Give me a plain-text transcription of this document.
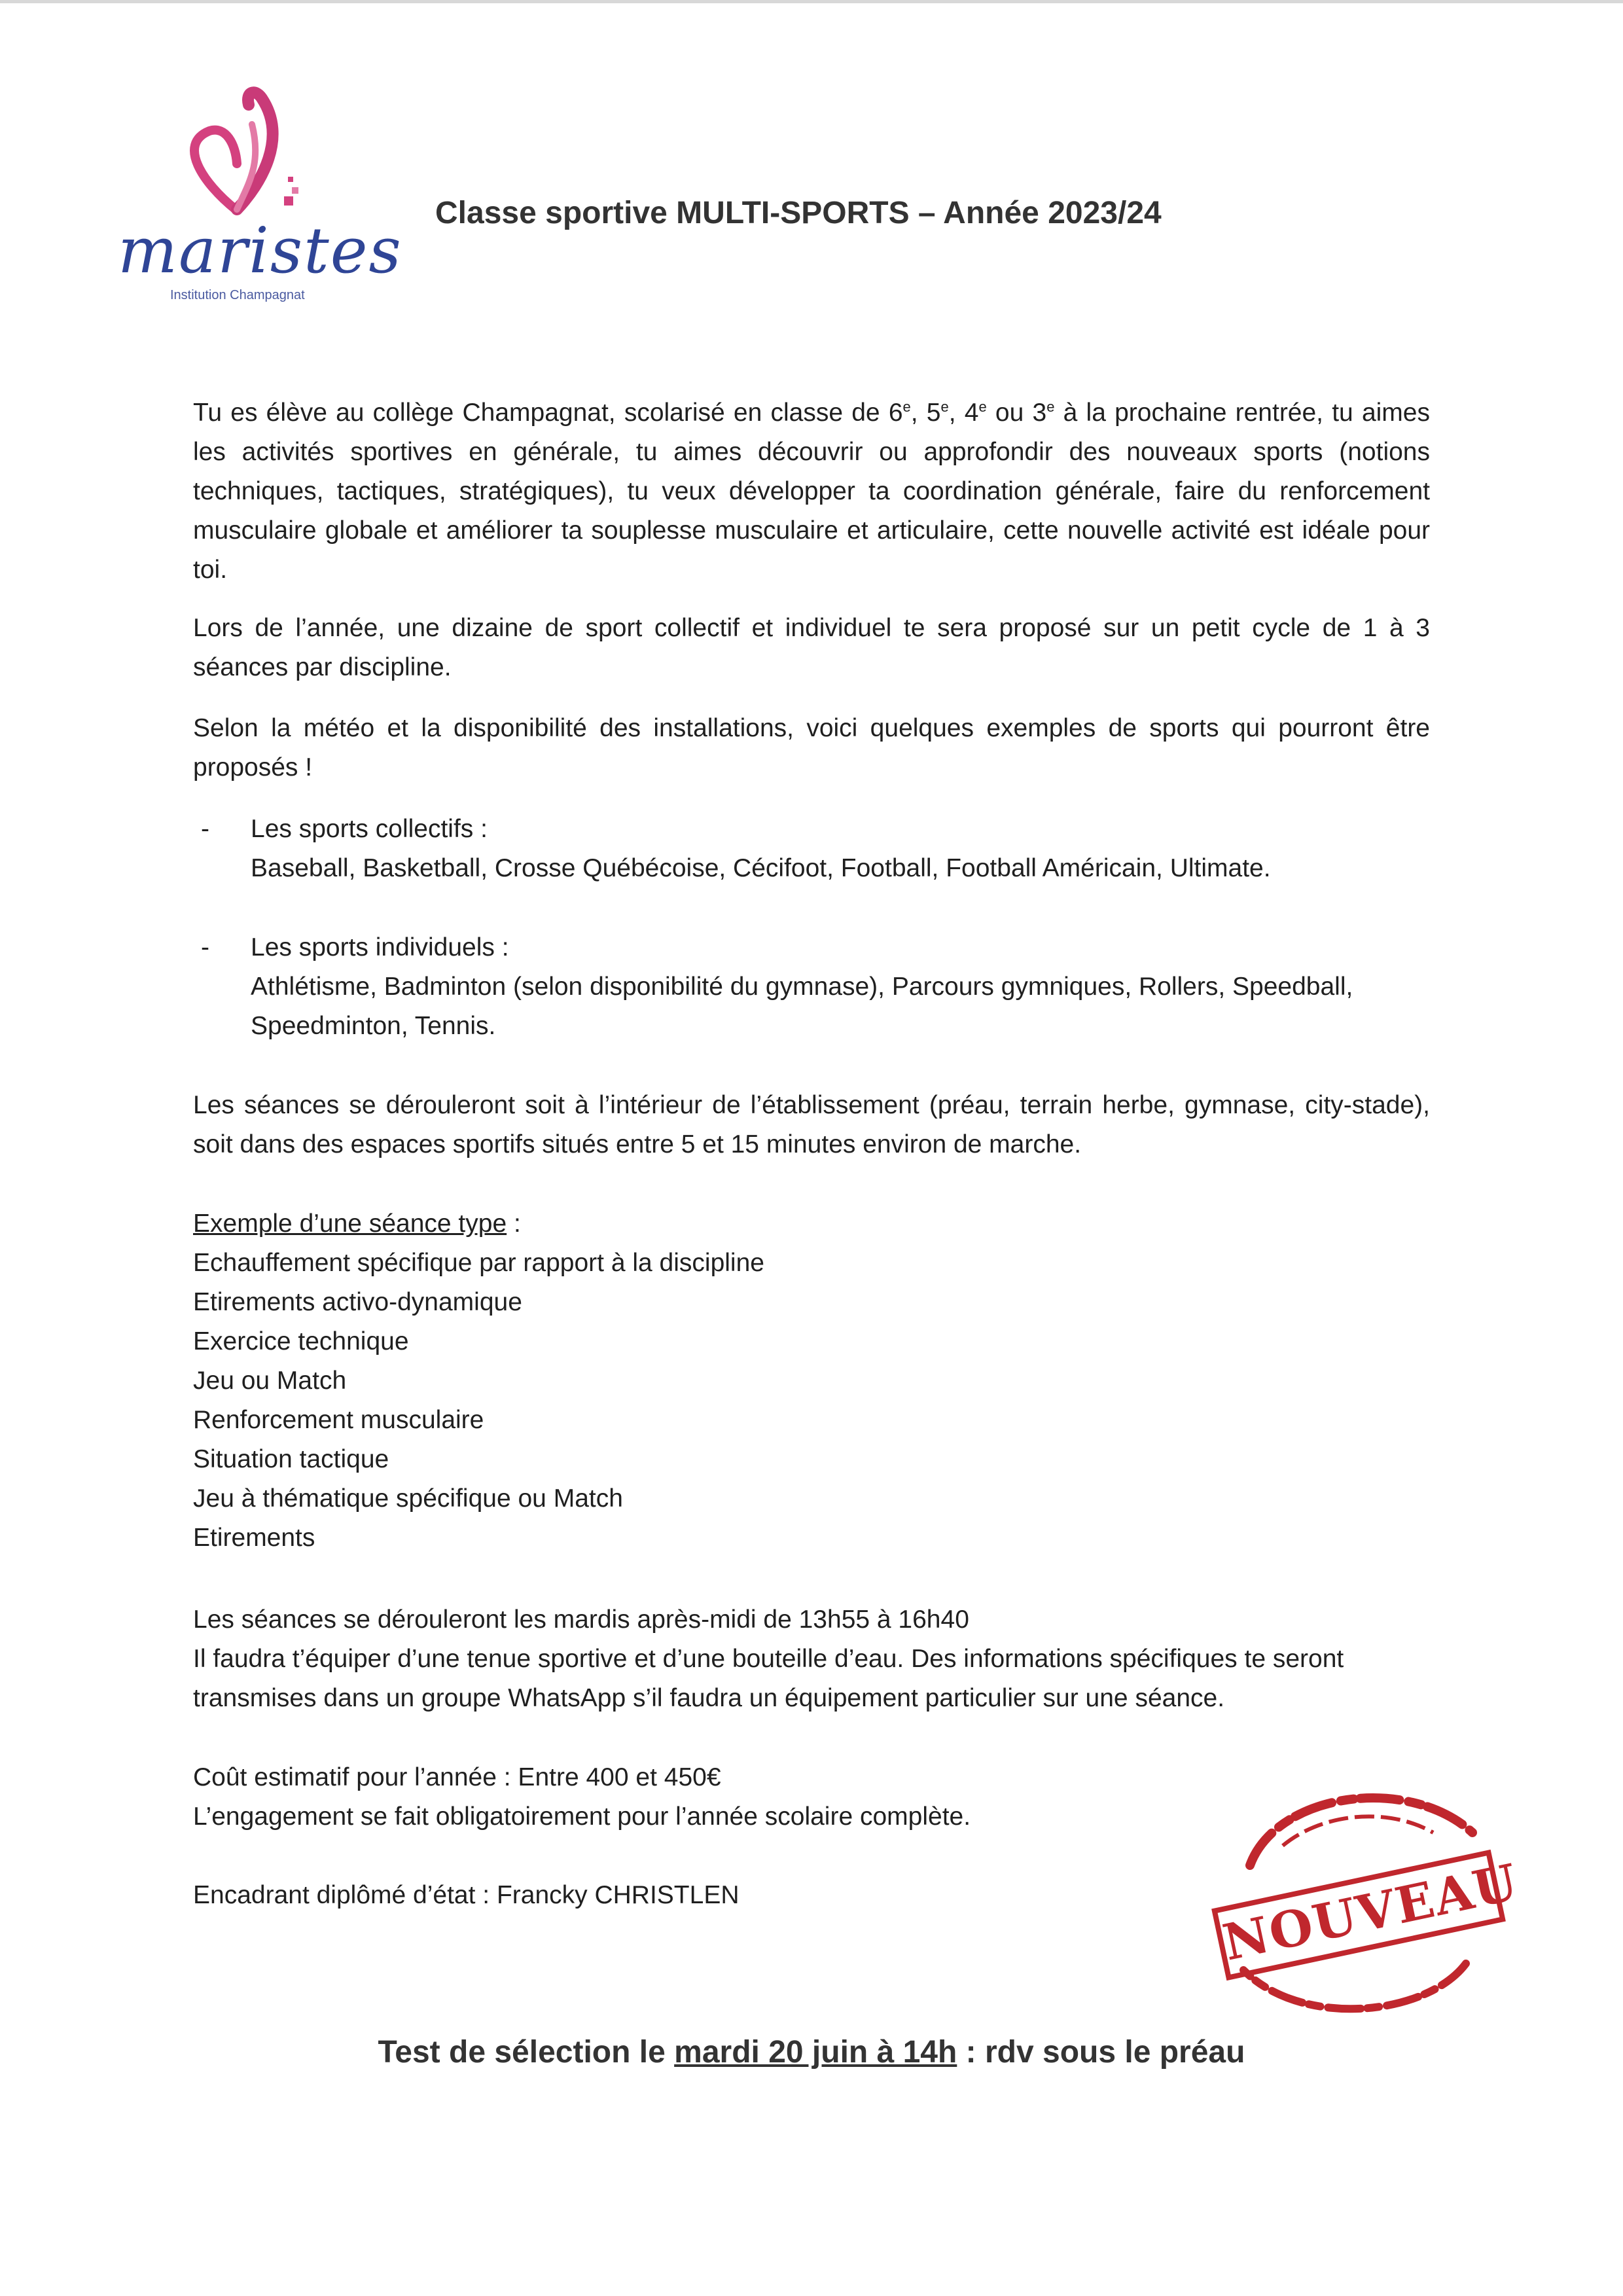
maristes
Institution Champagnat
Classe sportive MULTI-SPORTS – Année 2023/24

Tu es élève au collège Champagnat, scolarisé en classe de 6e, 5e, 4e ou 3e à la prochaine rentrée, tu aimes les activités sportives en générale, tu aimes découvrir ou approfondir des nouveaux sports (notions techniques, tactiques, stratégiques), tu veux développer ta coordination générale, faire du renforcement musculaire globale et améliorer ta souplesse musculaire et articulaire, cette nouvelle activité est idéale pour toi.

Lors de l’année, une dizaine de sport collectif et individuel te sera proposé sur un petit cycle de 1 à 3 séances par discipline.
Selon la météo et la disponibilité des installations, voici quelques exemples de sports qui pourront être proposés !
- Les sports collectifs :
Baseball, Basketball, Crosse Québécoise, Cécifoot, Football, Football Américain, Ultimate.
- Les sports individuels :
Athlétisme, Badminton (selon disponibilité du gymnase), Parcours gymniques, Rollers, Speedball, Speedminton, Tennis.
Les séances se dérouleront soit à l’intérieur de l’établissement (préau, terrain herbe, gymnase, city-stade), soit dans des espaces sportifs situés entre 5 et 15 minutes environ de marche.
Exemple d’une séance type :
Echauffement spécifique par rapport à la discipline
Etirements activo-dynamique
Exercice technique
Jeu ou Match
Renforcement musculaire
Situation tactique
Jeu à thématique spécifique ou Match
Etirements
Les séances se dérouleront les mardis après-midi de 13h55 à 16h40
Il faudra t’équiper d’une tenue sportive et d’une bouteille d’eau. Des informations spécifiques te seront transmises dans un groupe WhatsApp s’il faudra un équipement particulier sur une séance.
Coût estimatif pour l’année : Entre 400 et 450€
L’engagement se fait obligatoirement pour l’année scolaire complète.
Encadrant diplômé d’état : Francky CHRISTLEN	NOUVEAU
Test de sélection le mardi 20 juin à 14h : rdv sous le préau
